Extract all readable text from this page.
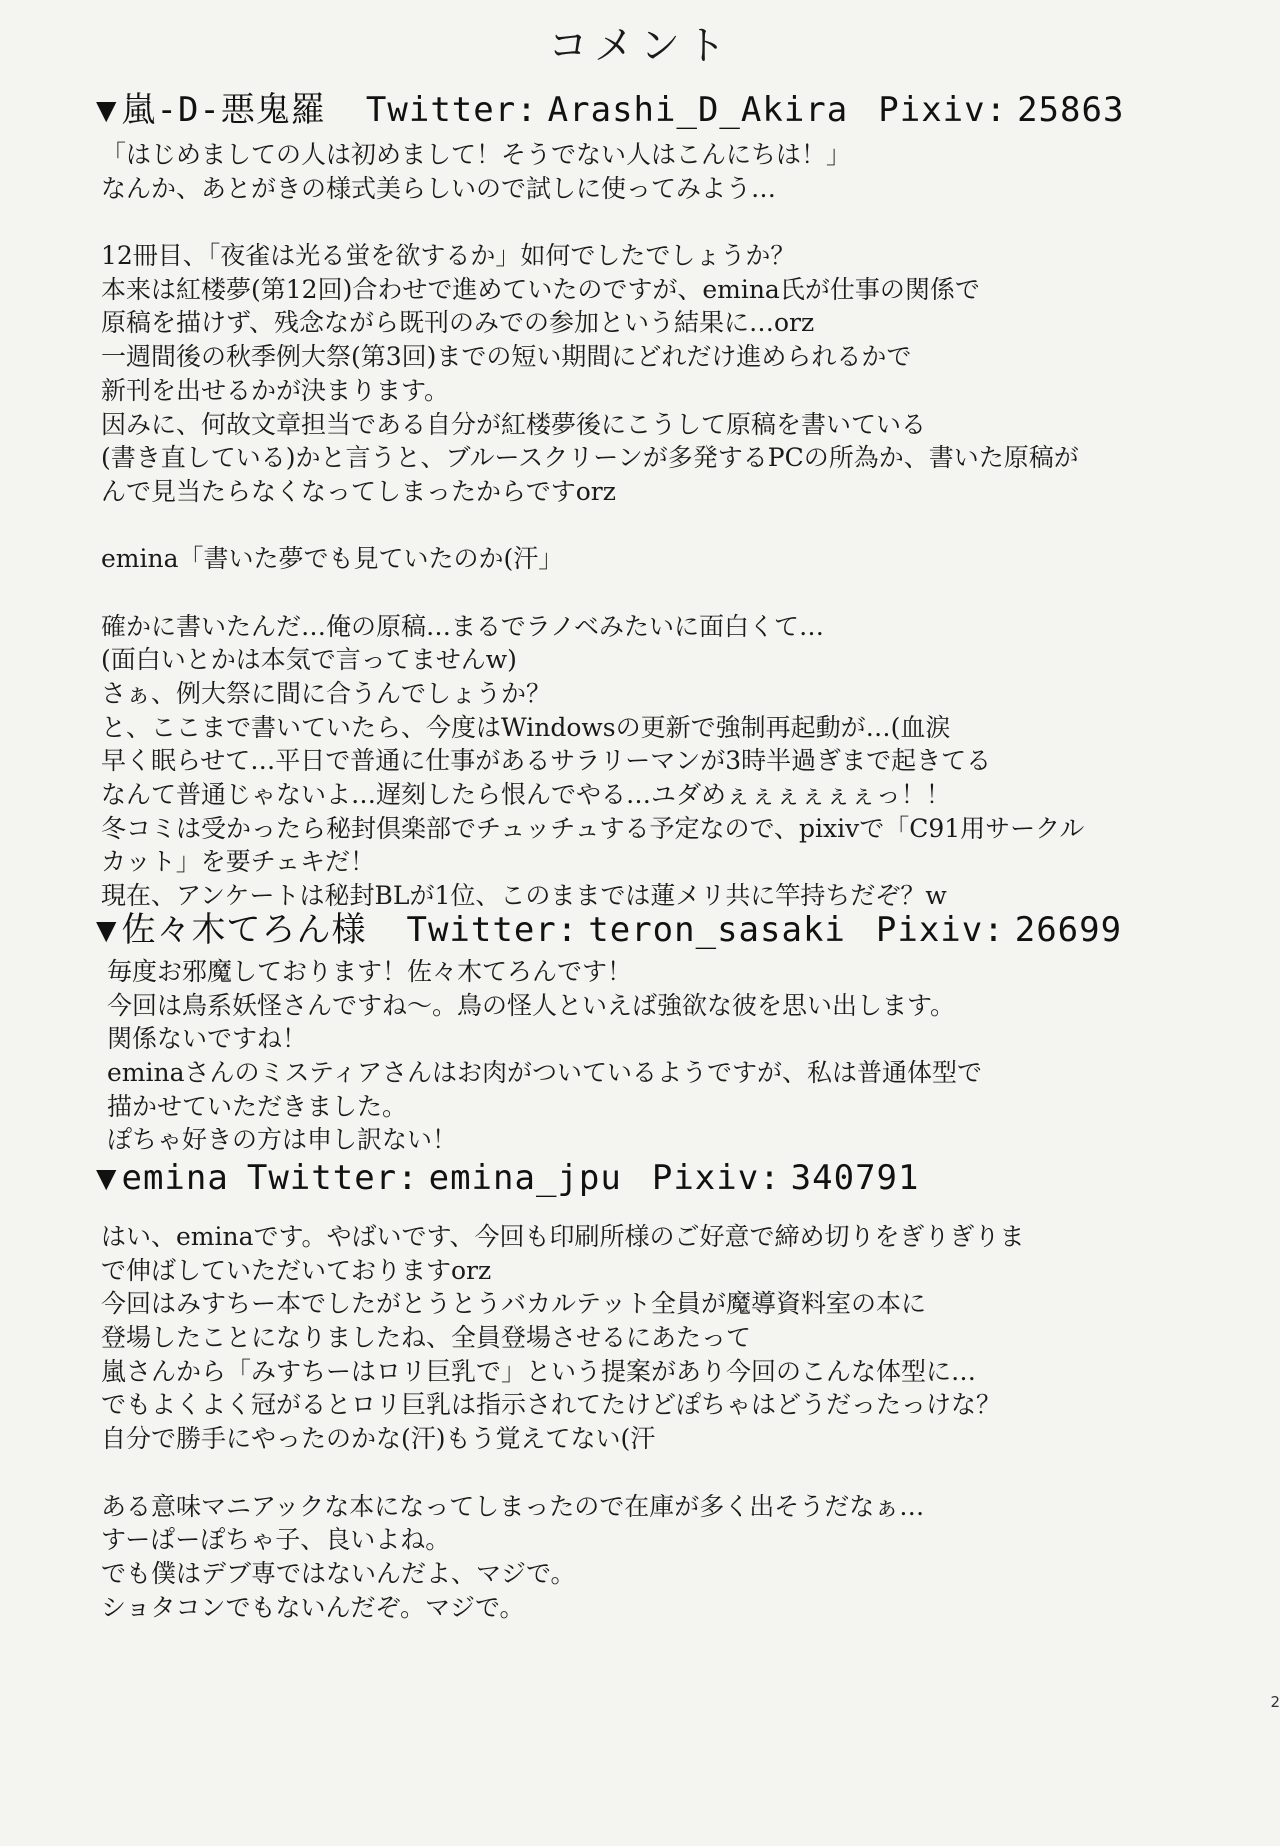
コメント
▼ 嵐-D-悪鬼羅 Twitter: Arashi_D_Akira Pixiv: 25863
「はじめましての人は初めまして！そうでない人はこんにちは！」
なんか、あとがきの様式美らしいので試しに使ってみよう…
12冊目、「夜雀は光る蛍を欲するか」如何でしたでしょうか？
本来は紅楼夢(第12回)合わせで進めていたのですが、emina氏が仕事の関係で
原稿を描けず、残念ながら既刊のみでの参加という結果に…orz
一週間後の秋季例大祭(第3回)までの短い期間にどれだけ進められるかで
新刊を出せるかが決まります。
因みに、何故文章担当である自分が紅楼夢後にこうして原稿を書いている
(書き直している)かと言うと、ブルースクリーンが多発するPCの所為か、書いた原稿が
んで見当たらなくなってしまったからですorz
emina「書いた夢でも見ていたのか(汗」
確かに書いたんだ…俺の原稿…まるでラノベみたいに面白くて…
(面白いとかは本気で言ってませんw)
さぁ、例大祭に間に合うんでしょうか？
と、ここまで書いていたら、今度はWindowsの更新で強制再起動が…(血涙
早く眠らせて…平日で普通に仕事があるサラリーマンが3時半過ぎまで起きてる
なんて普通じゃないよ…遅刻したら恨んでやる…ユダめぇぇぇぇぇぇっ！！
冬コミは受かったら秘封倶楽部でチュッチュする予定なので、pixivで「C91用サークル
カット」を要チェキだ！
現在、アンケートは秘封BLが1位、このままでは蓮メリ共に竿持ちだぞ？w
▼ 佐々木てろん様 Twitter: teron_sasaki Pixiv: 26699
毎度お邪魔しております！佐々木てろんです！
今回は鳥系妖怪さんですね～。鳥の怪人といえば強欲な彼を思い出します。
関係ないですね！
eminaさんのミスティアさんはお肉がついているようですが、私は普通体型で
描かせていただきました。
ぽちゃ好きの方は申し訳ない！
▼ emina Twitter: emina_jpu Pixiv: 340791
はい、eminaです。やばいです、今回も印刷所様のご好意で締め切りをぎりぎりま
で伸ばしていただいておりますorz
今回はみすちー本でしたがとうとうバカルテット全員が魔導資料室の本に
登場したことになりましたね、全員登場させるにあたって
嵐さんから「みすちーはロリ巨乳で」という提案があり今回のこんな体型に…
でもよくよく冠がるとロリ巨乳は指示されてたけどぽちゃはどうだったっけな？
自分で勝手にやったのかな(汗)もう覚えてない(汗
ある意味マニアックな本になってしまったので在庫が多く出そうだなぁ…
すーぱーぽちゃ子、良いよね。
でも僕はデブ専ではないんだよ、マジで。
ショタコンでもないんだぞ。マジで。
2
